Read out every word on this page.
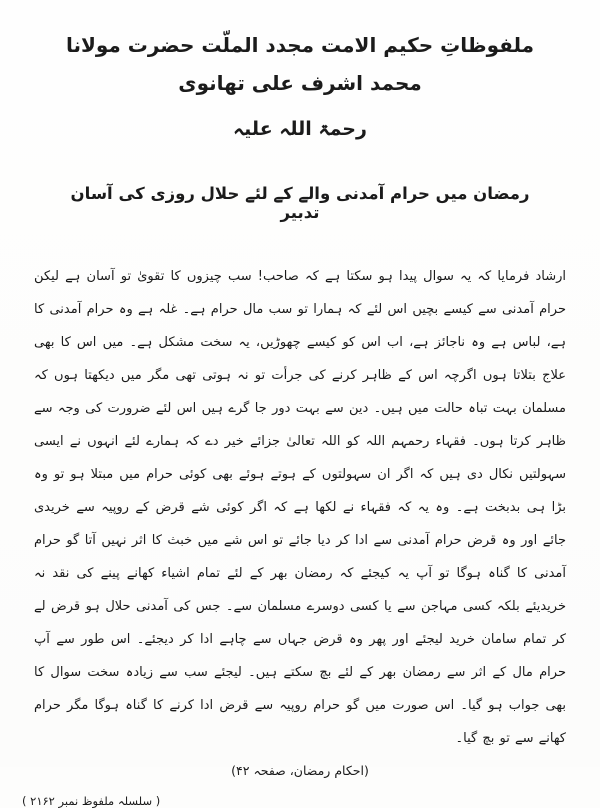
ملفوظاتِ حکیم الامت مجدد الملّت حضرت مولانا محمد اشرف علی تھانوی
رحمۃ اللہ علیہ
رمضان میں حرام آمدنی والے کے لئے حلال روزی کی آسان تدبیر
ارشاد فرمایا کہ یہ سوال پیدا ہو سکتا ہے کہ صاحب! سب چیزوں کا تقویٰ تو آسان ہے لیکن حرام آمدنی سے کیسے بچیں اس لئے کہ ہمارا تو سب مال حرام ہے۔ غلہ ہے وہ حرام آمدنی کا ہے، لباس ہے وہ ناجائز ہے، اب اس کو کیسے چھوڑیں، یہ سخت مشکل ہے۔ میں اس کا بھی علاج بتلاتا ہوں اگرچہ اس کے ظاہر کرنے کی جرأت تو نہ ہوتی تھی مگر میں دیکھتا ہوں کہ مسلمان بہت تباہ حالت میں ہیں۔ دین سے بہت دور جا گرے ہیں اس لئے ضرورت کی وجہ سے ظاہر کرتا ہوں۔ فقہاء رحمہم اللہ کو اللہ تعالیٰ جزائے خیر دے کہ ہمارے لئے انہوں نے ایسی سہولتیں نکال دی ہیں کہ اگر ان سہولتوں کے ہوتے ہوئے بھی کوئی حرام میں مبتلا ہو تو وہ بڑا ہی بدبخت ہے۔ وہ یہ کہ فقہاء نے لکھا ہے کہ اگر کوئی شے قرض کے روپیہ سے خریدی جائے اور وہ قرض حرام آمدنی سے ادا کر دیا جائے تو اس شے میں خبث کا اثر نہیں آتا گو حرام آمدنی کا گناہ ہوگا تو آپ یہ کیجئے کہ رمضان بھر کے لئے تمام اشیاء کھانے پینے کی نقد نہ خریدیئے بلکہ کسی مہاجن سے یا کسی دوسرے مسلمان سے۔ جس کی آمدنی حلال ہو قرض لے کر تمام سامان خرید لیجئے اور پھر وہ قرض جہاں سے چاہے ادا کر دیجئے۔ اس طور سے آپ حرام مال کے اثر سے رمضان بھر کے لئے بچ سکتے ہیں۔ لیجئے سب سے زیادہ سخت سوال کا بھی جواب ہو گیا۔ اس صورت میں گو حرام روپیہ سے قرض ادا کرنے کا گناہ ہوگا مگر حرام کھانے سے تو بچ گیا۔
(احکام رمضان، صفحہ ۴۲)
( سلسلہ ملفوظ نمبر ۲۱۶۲ )
